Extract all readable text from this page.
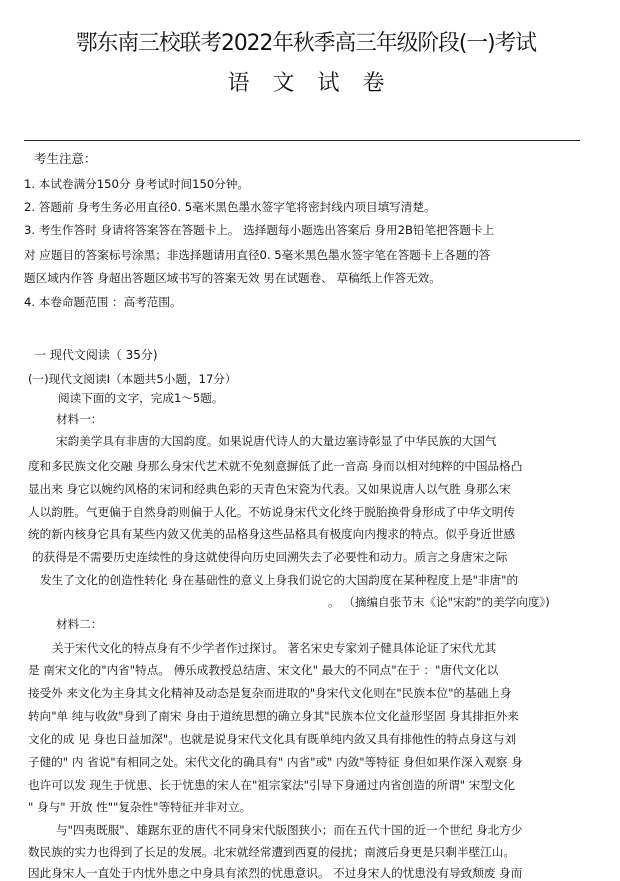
鄂东南三校联考2022年秋季高三年级阶段(一)考试
语 文 试 卷
考生注意：
1. 本试卷满分150分 身考试时间150分钟。
2. 答题前 身考生务必用直径0. 5毫米黑色墨水签字笔将密封线内项目填写清楚。
3. 考生作答时 身请将答案答在答题卡上。 选择题每小题选出答案后 身用2B铅笔把答题卡上
对 应题目的答案标号涂黑；非选择题请用直径0. 5毫米黑色墨水签字笔在答题卡上各题的答
题区域内作答 身超出答题区域书写的答案无效 男在试题卷、 草稿纸上作答无效。
4. 本卷命题范围 ：高考范围。
一 现代文阅读（ 35分)
(一)现代文阅读Ⅰ（本题共5小题，17分）
阅读下面的文字，完成1～5题。
材料一：
宋韵美学具有非唐的大国韵度。如果说唐代诗人的大量边塞诗彰显了中华民族的大国气
度和多民族文化交融 身那么身宋代艺术就不免刻意摒低了此一音高 身而以相对纯粹的中国品格凸
显出来 身它以婉约风格的宋词和经典色彩的天青色宋瓷为代表。又如果说唐人以气胜 身那么宋
人以韵胜。气更偏于自然身韵则偏于人化。不妨说身宋代文化终于脱胎换骨身形成了中华文明传
统的新内核身它具有某些内敛又优美的品格身这些品格具有极度向内搜求的特点。似乎身近世感
的获得是不需要历史连续性的身这就使得向历史回溯失去了必要性和动力。质言之身唐宋之际
发生了文化的创造性转化 身在基础性的意义上身我们说它的大国韵度在某种程度上是"非唐"的
。 （摘编自张节末《论"宋韵"的美学向度》)
材料二：
关于宋代文化的特点身有不少学者作过探讨。 著名宋史专家刘子健具体论证了宋代尤其
是 南宋文化的"内省"特点。 傅乐成教授总结唐、宋文化" 最大的不同点"在于 ："唐代文化以
接受外 来文化为主身其文化精神及动态是复杂而进取的"身宋代文化则在"民族本位"的基础上身
转向"单 纯与收敛"身到了南宋 身由于道统思想的确立身其"民族本位文化益形坚固 身其排拒外来
文化的成 见 身也日益加深"。也就是说身宋代文化具有既单纯内敛又具有排他性的特点身这与刘
子健的" 内 省说"有相同之处。宋代文化的确具有" 内省"或" 内敛"等特征 身但如果作深入观察 身
也许可以发 现生于忧患、长于忧患的宋人在"祖宗家法"引导下身通过内省创造的所谓" 宋型文化
" 身与" 开放 性""复杂性"等特征并非对立。
与"四夷既服"、雄踞东亚的唐代不同身宋代版图狭小；而在五代十国的近一个世纪 身北方少
数民族的实力也得到了长足的发展。北宋就经常遭到西夏的侵扰；南渡后身更是只剩半壁江山。
因此身宋人一直处于内忧外患之中身具有浓烈的忧患意识。 不过身宋人的忧患没有导致颓废 身而
